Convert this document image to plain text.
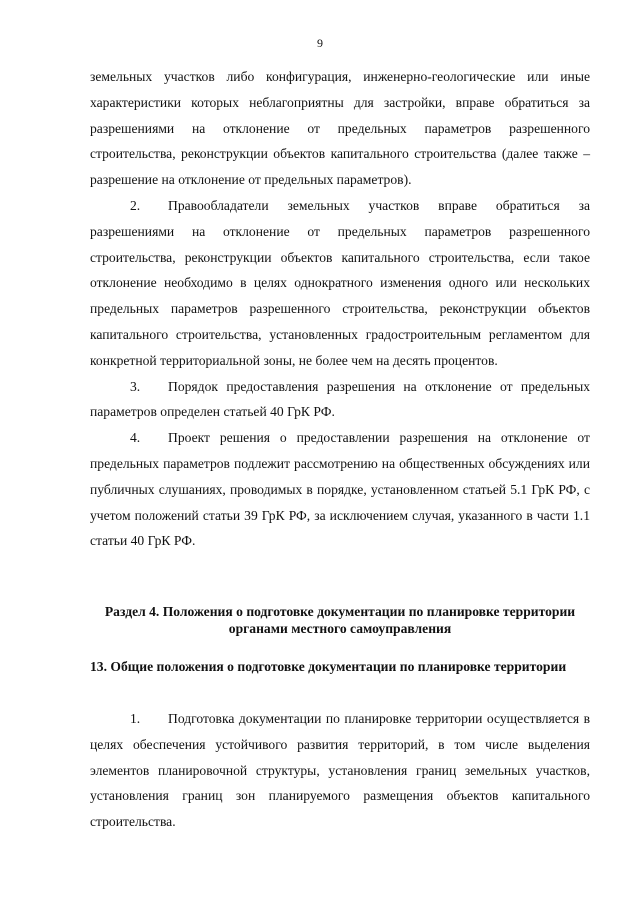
9

земельных участков либо конфигурация, инженерно-геологические или иные характеристики которых неблагоприятны для застройки, вправе обратиться за разрешениями на отклонение от предельных параметров разрешенного строительства, реконструкции объектов капитального строительства (далее также – разрешение на отклонение от предельных параметров).

2. Правообладатели земельных участков вправе обратиться за разрешениями на отклонение от предельных параметров разрешенного строительства, реконструкции объектов капитального строительства, если такое отклонение необходимо в целях однократного изменения одного или нескольких предельных параметров разрешенного строительства, реконструкции объектов капитального строительства, установленных градостроительным регламентом для конкретной территориальной зоны, не более чем на десять процентов.

3. Порядок предоставления разрешения на отклонение от предельных параметров определен статьей 40 ГрК РФ.

4. Проект решения о предоставлении разрешения на отклонение от предельных параметров подлежит рассмотрению на общественных обсуждениях или публичных слушаниях, проводимых в порядке, установленном статьей 5.1 ГрК РФ, с учетом положений статьи 39 ГрК РФ, за исключением случая, указанного в части 1.1 статьи 40 ГрК РФ.

Раздел 4. Положения о подготовке документации по планировке территории органами местного самоуправления
13. Общие положения о подготовке документации по планировке территории

1. Подготовка документации по планировке территории осуществляется в целях обеспечения устойчивого развития территорий, в том числе выделения элементов планировочной структуры, установления границ земельных участков, установления границ зон планируемого размещения объектов капитального строительства.
